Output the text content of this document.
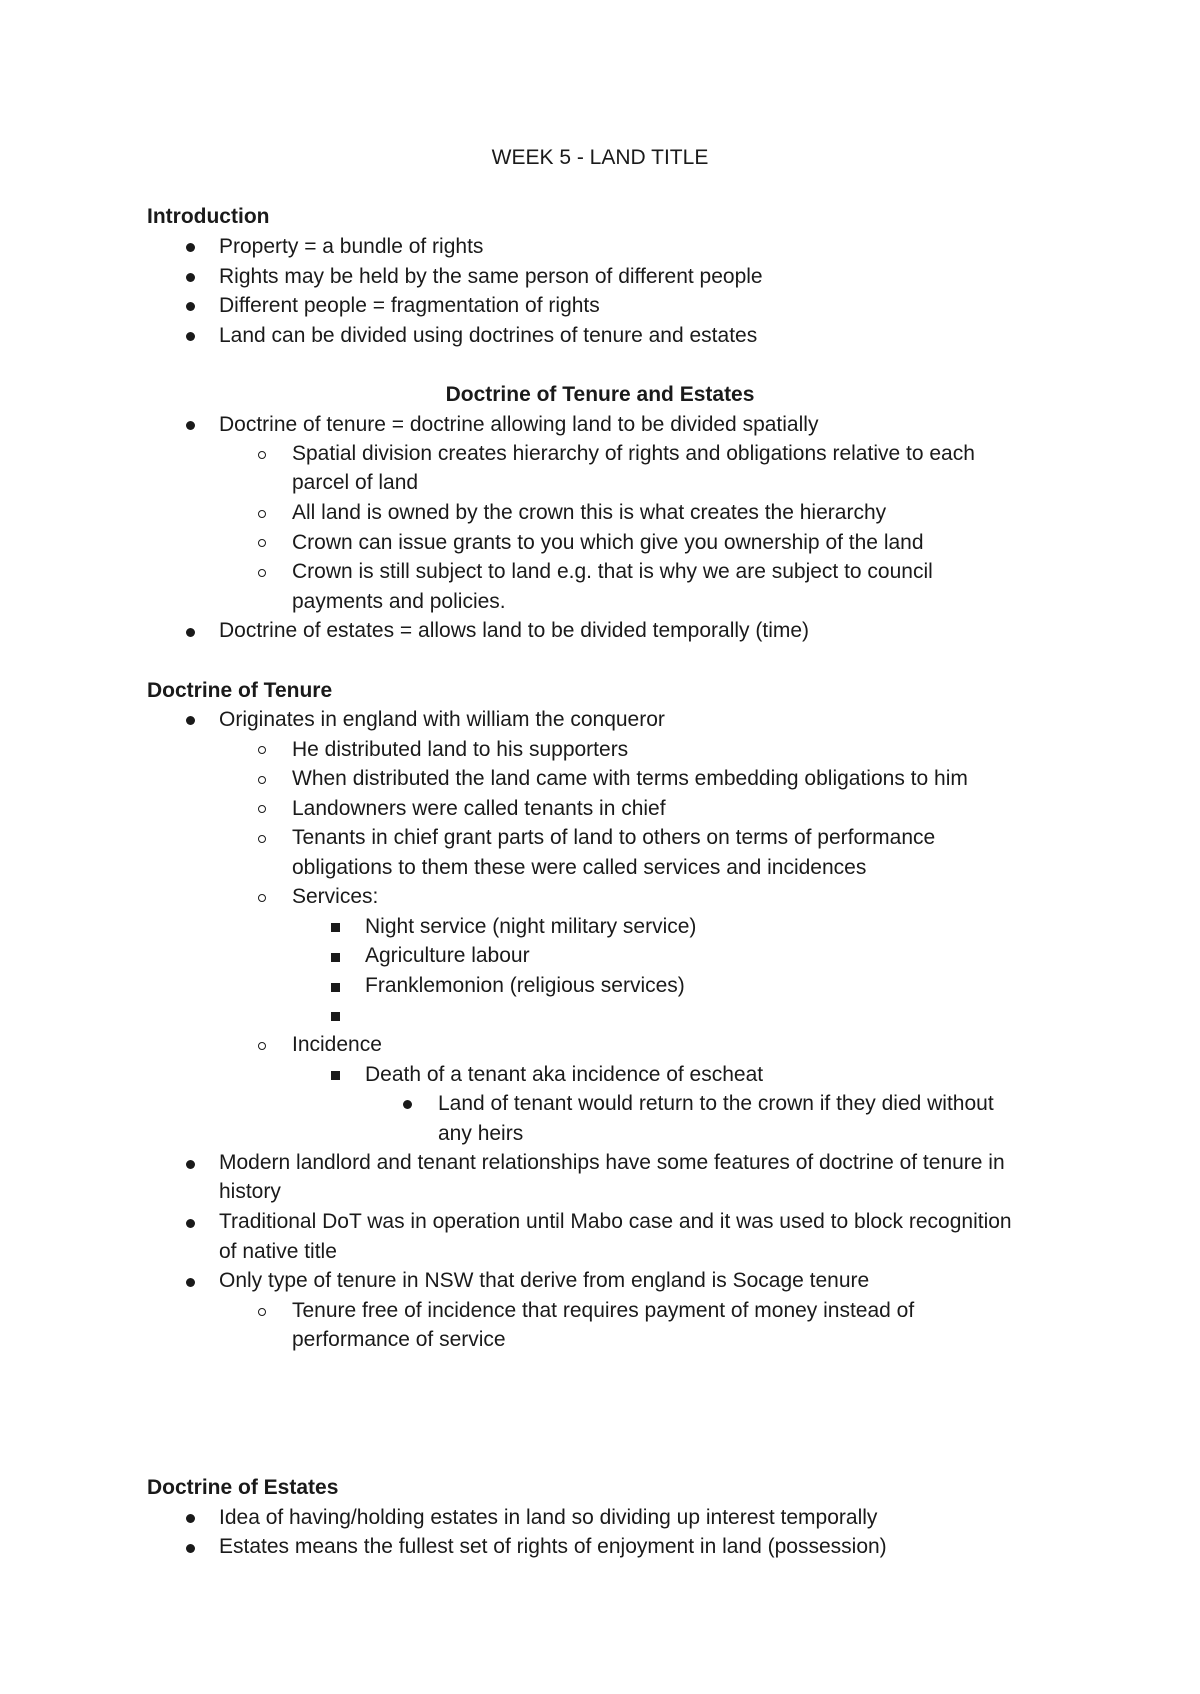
WEEK 5 - LAND TITLE
Introduction
Property = a bundle of rights
Rights may be held by the same person of different people
Different people = fragmentation of rights
Land can be divided using doctrines of tenure and estates
Doctrine of Tenure and Estates
Doctrine of tenure = doctrine allowing land to be divided spatially
Spatial division creates hierarchy of rights and obligations relative to each
parcel of land
All land is owned by the crown this is what creates the hierarchy
Crown can issue grants to you which give you ownership of the land
Crown is still subject to land e.g. that is why we are subject to council
payments and policies.
Doctrine of estates = allows land to be divided temporally (time)
Doctrine of Tenure
Originates in england with william the conqueror
He distributed land to his supporters
When distributed the land came with terms embedding obligations to him
Landowners were called tenants in chief
Tenants in chief grant parts of land to others on terms of performance
obligations to them these were called services and incidences
Services:
Night service (night military service)
Agriculture labour
Franklemonion (religious services)
Incidence
Death of a tenant aka incidence of escheat
Land of tenant would return to the crown if they died without
any heirs
Modern landlord and tenant relationships have some features of doctrine of tenure in
history
Traditional DoT was in operation until Mabo case and it was used to block recognition
of native title
Only type of tenure in NSW that derive from england is Socage tenure
Tenure free of incidence that requires payment of money instead of
performance of service
Doctrine of Estates
Idea of having/holding estates in land so dividing up interest temporally
Estates means the fullest set of rights of enjoyment in land (possession)
